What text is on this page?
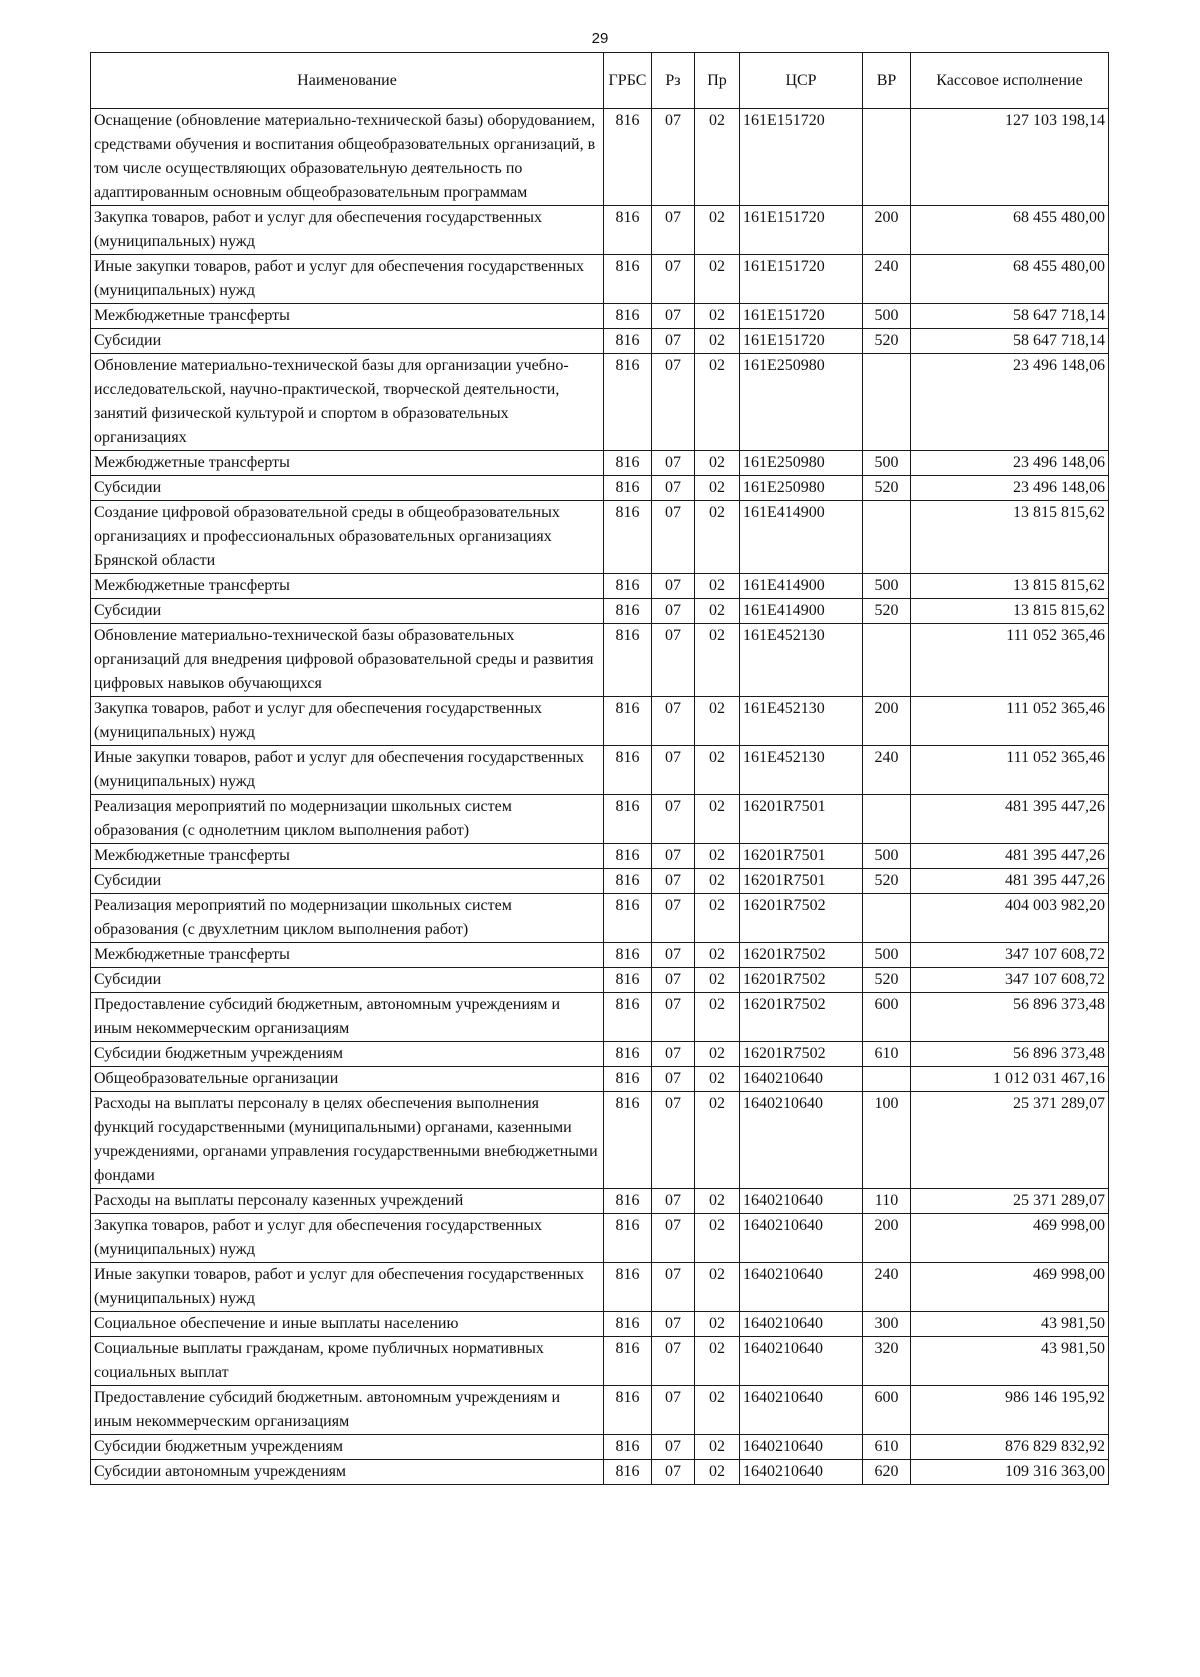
29
Наименование	ГРБС	Рз	Пр	ЦСР	ВР	Кассовое исполнение
Оснащение (обновление материально-технической базы) оборудованием, средствами обучения и воспитания общеобразовательных организаций, в том числе осуществляющих образовательную деятельность по адаптированным основным общеобразовательным программам	816	07	02	161E151720		127 103 198,14
Закупка товаров, работ и услуг для обеспечения государственных (муниципальных) нужд	816	07	02	161E151720	200	68 455 480,00
Иные закупки товаров, работ и услуг для обеспечения государственных (муниципальных) нужд	816	07	02	161E151720	240	68 455 480,00
Межбюджетные трансферты	816	07	02	161E151720	500	58 647 718,14
Субсидии	816	07	02	161E151720	520	58 647 718,14
Обновление материально-технической базы для организации учебно-исследовательской, научно-практической, творческой деятельности, занятий физической культурой и спортом в образовательных организациях	816	07	02	161E250980		23 496 148,06
Межбюджетные трансферты	816	07	02	161E250980	500	23 496 148,06
Субсидии	816	07	02	161E250980	520	23 496 148,06
Создание цифровой образовательной среды в общеобразовательных организациях и профессиональных образовательных организациях Брянской области	816	07	02	161E414900		13 815 815,62
Межбюджетные трансферты	816	07	02	161E414900	500	13 815 815,62
Субсидии	816	07	02	161E414900	520	13 815 815,62
Обновление материально-технической базы образовательных организаций для внедрения цифровой образовательной среды и развития цифровых навыков обучающихся	816	07	02	161E452130		111 052 365,46
Закупка товаров, работ и услуг для обеспечения государственных (муниципальных) нужд	816	07	02	161E452130	200	111 052 365,46
Иные закупки товаров, работ и услуг для обеспечения государственных (муниципальных) нужд	816	07	02	161E452130	240	111 052 365,46
Реализация мероприятий по модернизации школьных систем образования (с однолетним циклом выполнения работ)	816	07	02	16201R7501		481 395 447,26
Межбюджетные трансферты	816	07	02	16201R7501	500	481 395 447,26
Субсидии	816	07	02	16201R7501	520	481 395 447,26
Реализация мероприятий по модернизации школьных систем образования (с двухлетним циклом выполнения работ)	816	07	02	16201R7502		404 003 982,20
Межбюджетные трансферты	816	07	02	16201R7502	500	347 107 608,72
Субсидии	816	07	02	16201R7502	520	347 107 608,72
Предоставление субсидий бюджетным, автономным учреждениям и иным некоммерческим организациям	816	07	02	16201R7502	600	56 896 373,48
Субсидии бюджетным учреждениям	816	07	02	16201R7502	610	56 896 373,48
Общеобразовательные организации	816	07	02	1640210640		1 012 031 467,16
Расходы на выплаты персоналу в целях обеспечения выполнения функций государственными (муниципальными) органами, казенными учреждениями, органами управления государственными внебюджетными фондами	816	07	02	1640210640	100	25 371 289,07
Расходы на выплаты персоналу казенных учреждений	816	07	02	1640210640	110	25 371 289,07
Закупка товаров, работ и услуг для обеспечения государственных (муниципальных) нужд	816	07	02	1640210640	200	469 998,00
Иные закупки товаров, работ и услуг для обеспечения государственных (муниципальных) нужд	816	07	02	1640210640	240	469 998,00
Социальное обеспечение и иные выплаты населению	816	07	02	1640210640	300	43 981,50
Социальные выплаты гражданам, кроме публичных нормативных социальных выплат	816	07	02	1640210640	320	43 981,50
Предоставление субсидий бюджетным. автономным учреждениям и иным некоммерческим организациям	816	07	02	1640210640	600	986 146 195,92
Субсидии бюджетным учреждениям	816	07	02	1640210640	610	876 829 832,92
Субсидии автономным учреждениям	816	07	02	1640210640	620	109 316 363,00
